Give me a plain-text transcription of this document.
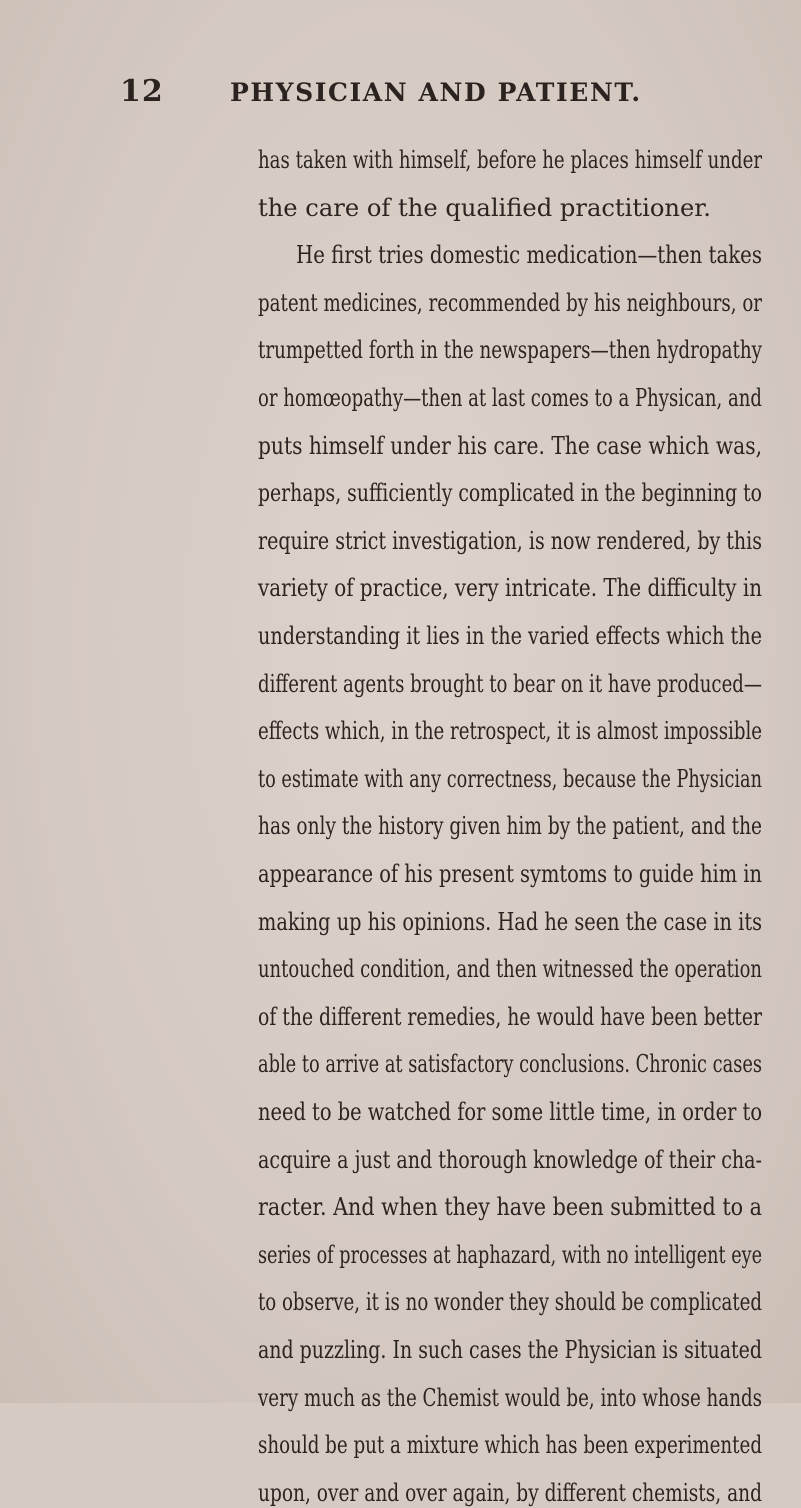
12	PHYSICIAN AND PATIENT.
has taken with himself, before he places himself under
the care of the qualified practitioner.
He first tries domestic medication—then takes
patent medicines, recommended by his neighbours, or
trumpetted forth in the newspapers—then hydropathy
or homœopathy—then at last comes to a Physican, and
puts himself under his care. The case which was,
perhaps, sufficiently complicated in the beginning to
require strict investigation, is now rendered, by this
variety of practice, very intricate. The difficulty in
understanding it lies in the varied effects which the
different agents brought to bear on it have produced—
effects which, in the retrospect, it is almost impossible
to estimate with any correctness, because the Physician
has only the history given him by the patient, and the
appearance of his present symtoms to guide him in
making up his opinions. Had he seen the case in its
untouched condition, and then witnessed the operation
of the different remedies, he would have been better
able to arrive at satisfactory conclusions. Chronic cases
need to be watched for some little time, in order to
acquire a just and thorough knowledge of their cha-
racter. And when they have been submitted to a
series of processes at haphazard, with no intelligent eye
to observe, it is no wonder they should be complicated
and puzzling. In such cases the Physician is situated
very much as the Chemist would be, into whose hands
should be put a mixture which has been experimented
upon, over and over again, by different chemists, and
